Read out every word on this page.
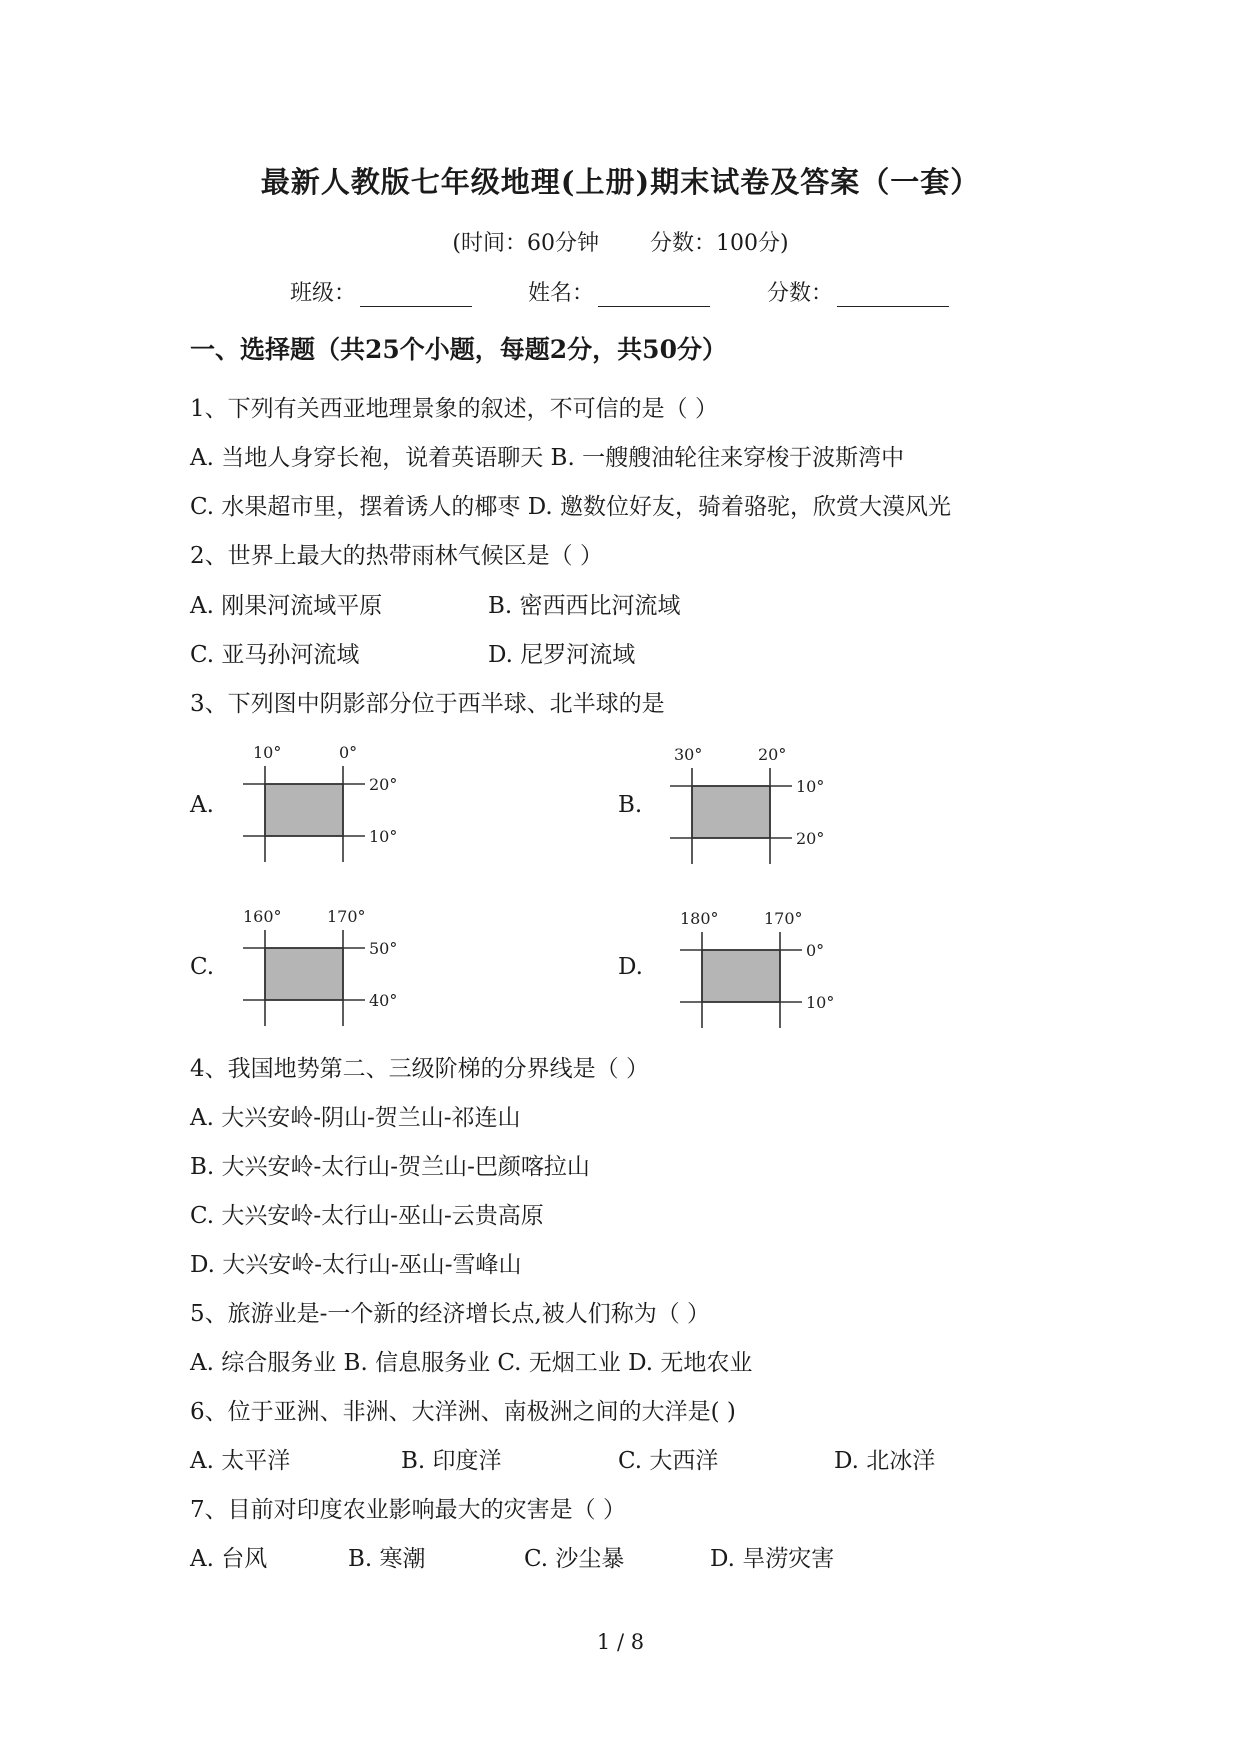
最新人教版七年级地理(上册)期末试卷及答案（一套）
(时间：60分钟 分数：100分)
班级：	姓名：	分数：
一、选择题（共25个小题，每题2分，共50分）
1、下列有关西亚地理景象的叙述，不可信的是（ ）
A. 当地人身穿长袍，说着英语聊天 B. 一艘艘油轮往来穿梭于波斯湾中
C. 水果超市里，摆着诱人的椰枣 D. 邀数位好友，骑着骆驼，欣赏大漠风光
2、世界上最大的热带雨林气候区是（ ）
A. 刚果河流域平原	B. 密西西比河流域
C. 亚马孙河流域	D. 尼罗河流域
3、下列图中阴影部分位于西半球、北半球的是
A.
10°	0°
20°
10°
B.
30°	20°
10°
20°
C.
160°	170°
50°
40°
D.
180°	170°
0°
10°
4、我国地势第二、三级阶梯的分界线是（ ）
A. 大兴安岭-阴山-贺兰山-祁连山
B. 大兴安岭-太行山-贺兰山-巴颜喀拉山
C. 大兴安岭-太行山-巫山-云贵高原
D. 大兴安岭-太行山-巫山-雪峰山
5、旅游业是-一个新的经济增长点,被人们称为（ ）
A. 综合服务业 B. 信息服务业 C. 无烟工业 D. 无地农业
6、位于亚洲、非洲、大洋洲、南极洲之间的大洋是( )
A. 太平洋	B. 印度洋	C. 大西洋	D. 北冰洋
7、目前对印度农业影响最大的灾害是（ ）
A. 台风	B. 寒潮	C. 沙尘暴	D. 旱涝灾害
1 / 8
